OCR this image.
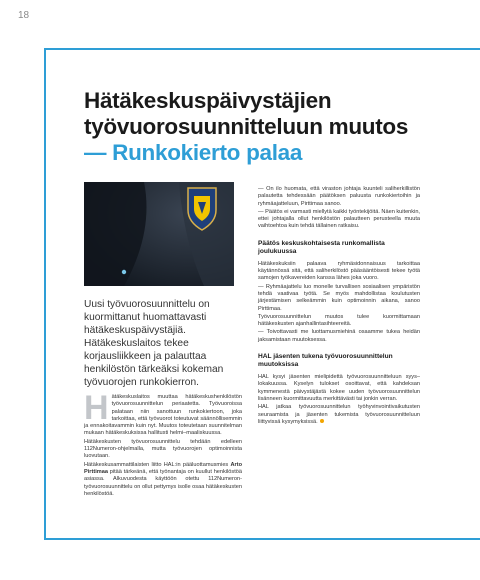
18
Hätäkeskuspäivystäjien
työvuorosuunnitteluun muutos
— Runkokierto palaa

Uusi työvuorosuunnittelu on kuormittanut huomattavasti hätäkeskuspäivystäjiä. Hätäkeskuslaitos tekee korjausliikkeen ja palauttaa henkilöstön tärkeäksi kokeman työvuorojen runkokierron.

Hätäkeskuslaitos muuttaa hätäkeskushenkilöstön työvuorosuunnittelun periaatetta. Työvuoroissa palataan niin sanottuun runkokiertoon, joka tarkoittaa, että työvuorot toteutuvat säännöllisemmin ja ennakoitavammin kuin nyt. Muutos toteutetaan suunnitelman mukaan hätäkeskuksissa hallitusti helmi–maaliskuussa.

Hätäkeskusten työvuorosuunnittelu tehdään edelleen 112Numeron-ohjelmalla, mutta työvuorojen optimoinnista luovutaan.

Hätäkeskusammattilaisten liitto HAL:in pääluottamusmies Arto Pirttimaa pitää tärkeänä, että työnantaja on kuullut henkilöstöä asiassa. Alkuvuodesta käyttöön otettu 112Numeron-työvuorosuunnittelu on ollut pettymys isolle osaa hätäkeskusten henkilöstöä.

— On ilo huomata, että viraston johtaja kuunteli saliherkillistön palautetta tehdessään päätöksen paluusta runkokiertoihin ja ryhmäajatteluun, Pirttimaa sanoo.

— Päätös ei varmasti miellytä kaikki työntekijöitä. Näen kuitenkin, ettei johtajalla ollut henkilöstön palautteen perusteella muuta vaihtoehtoa kuin tehdä tällainen ratkaisu.

Päätös keskuskohtaisesta runkomallista joulukuussa

Hätäkeskuksiin palaava ryhmäsidonnaisuus tarkoittaa käytännössä sitä, että saliherkilöstö pääsääntöisesti tekee työtä samojen työkavereiden kanssa lähes joka vuoro.

— Ryhmäajattelu luo monelle turvallisen sosiaalisen ympäristön tehdä vaativaa työtä. Se myös mahdollistaa koulutusten järjestämisen selkeämmin kuin optimoinnin aikana, sanoo Pirttimaa.

Työvuorosuunnittelun muutos tulee kuormittamaan hätäkeskusten ajanhallintasihteereitä.

— Toivottavasti me luottamusmiehinä osaamme tukea heidän jaksamistaan muutoksessa.

HAL jäsenten tukena työvuorosuunnittelun muutoksissa

HAL kysyi jäsenten mielipidettä työvuorosuunnitteluun syys–lokakuussa. Kyselyn tulokset osoittavat, että kahdeksan kymmenestä päivystäjästä kokee uuden työvuorosuunnittelun lisänneen kuormittavuutta merkittävästi tai jonkin verran.

HAL jatkaa työvuorosuunnittelun työhyvinvointivaikutusten seuraamista ja jäsenten tukemista työvuorosuunnitteluun liittyvissä kysymyksissä.
